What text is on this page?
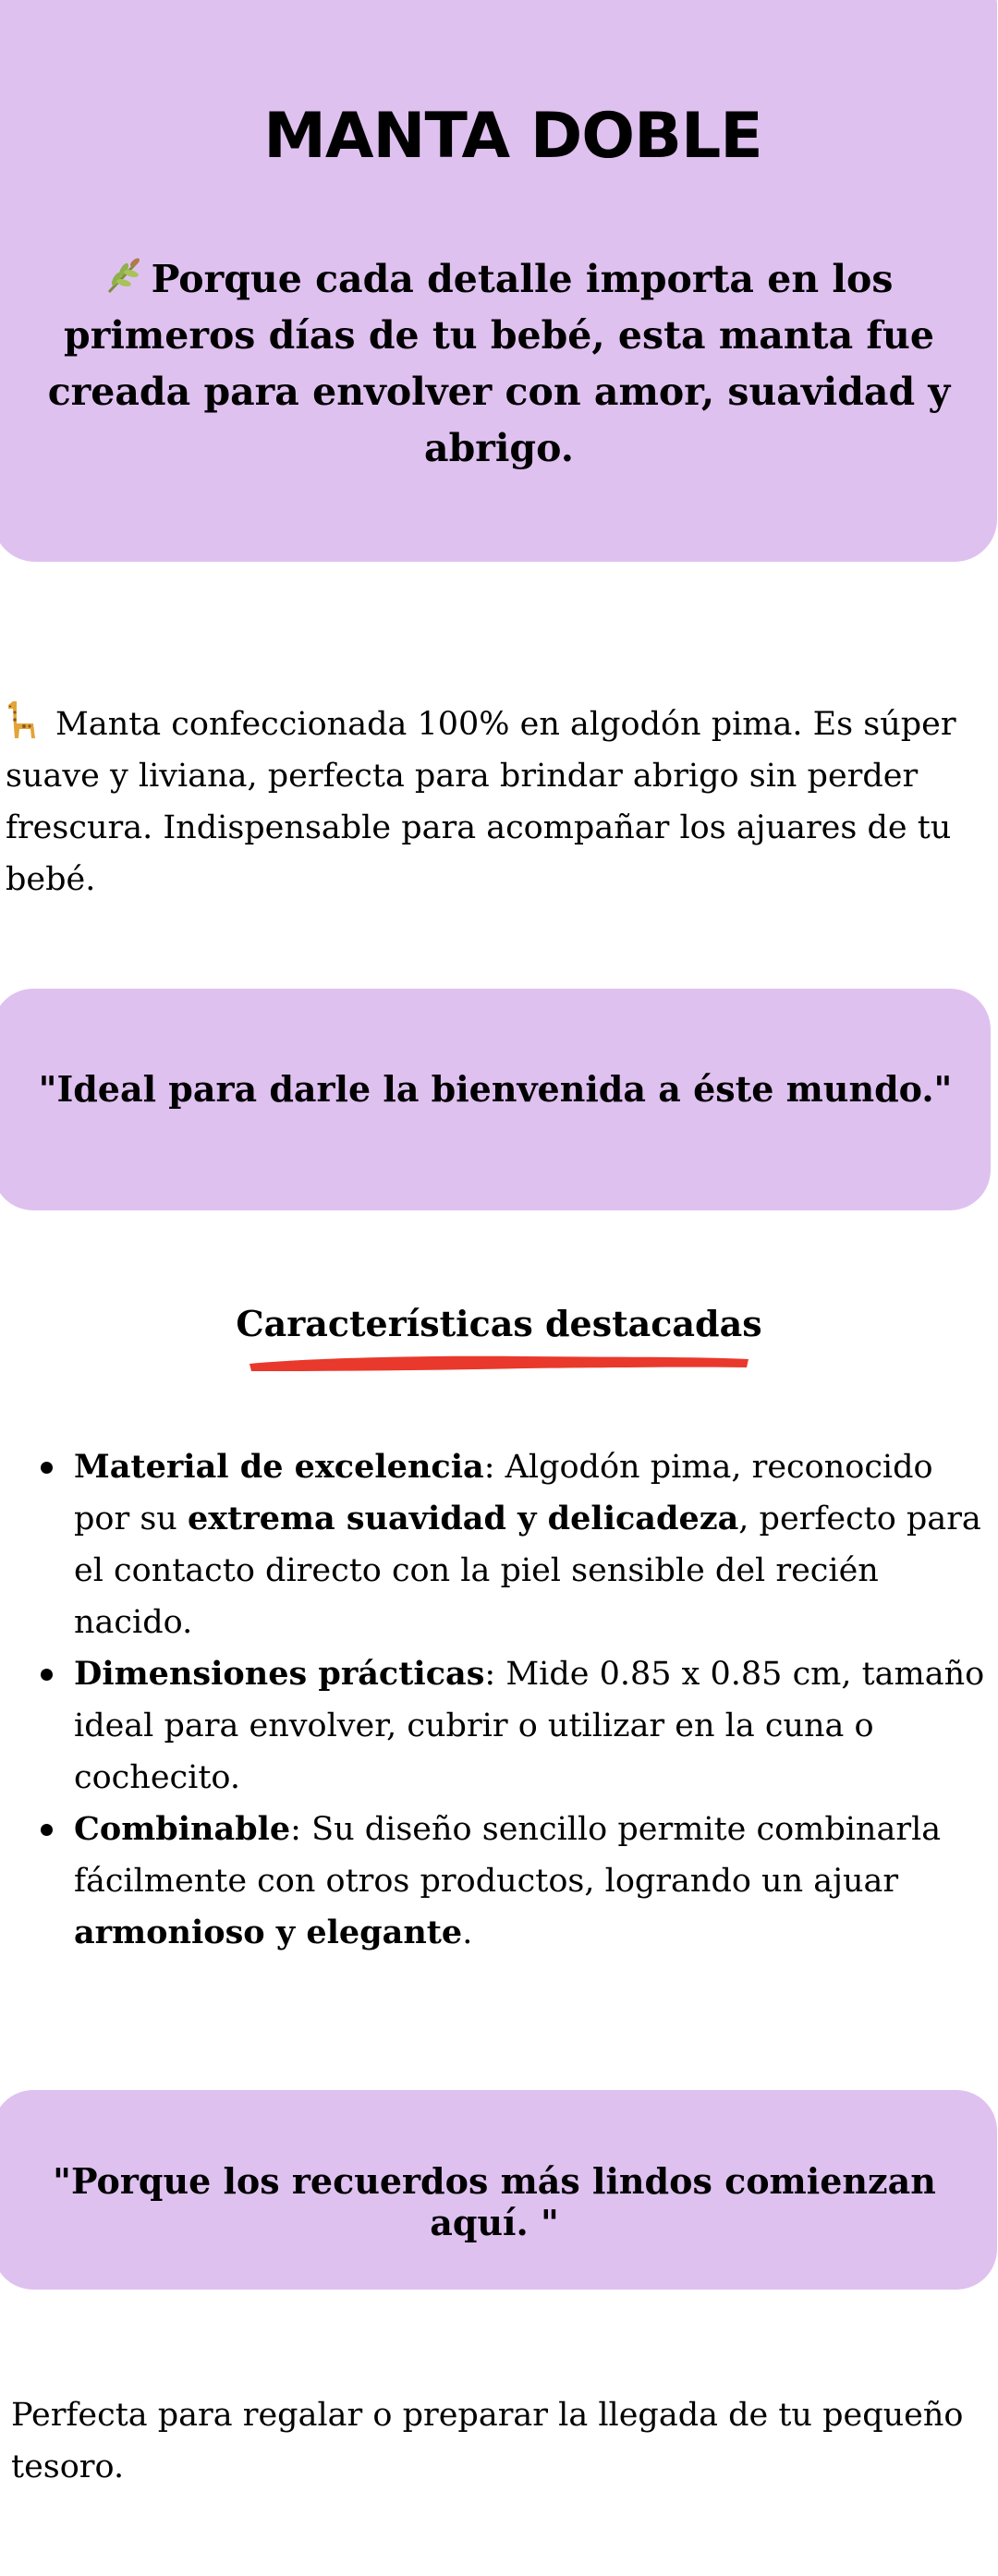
MANTA DOBLE

Porque cada detalle importa en los primeros días de tu bebé, esta manta fue creada para envolver con amor, suavidad y abrigo.

Manta confeccionada 100% en algodón pima. Es súper suave y liviana, perfecta para brindar abrigo sin perder frescura. Indispensable para acompañar los ajuares de tu bebé.

"Ideal para darle la bienvenida a éste mundo."

Características destacadas
Material de excelencia: Algodón pima, reconocido por su extrema suavidad y delicadeza, perfecto para el contacto directo con la piel sensible del recién nacido.
Dimensiones prácticas: Mide 0.85 x 0.85 cm, tamaño ideal para envolver, cubrir o utilizar en la cuna o cochecito.
Combinable: Su diseño sencillo permite combinarla fácilmente con otros productos, logrando un ajuar armonioso y elegante.

"Porque los recuerdos más lindos comienzan aquí. "

Perfecta para regalar o preparar la llegada de tu pequeño tesoro.
